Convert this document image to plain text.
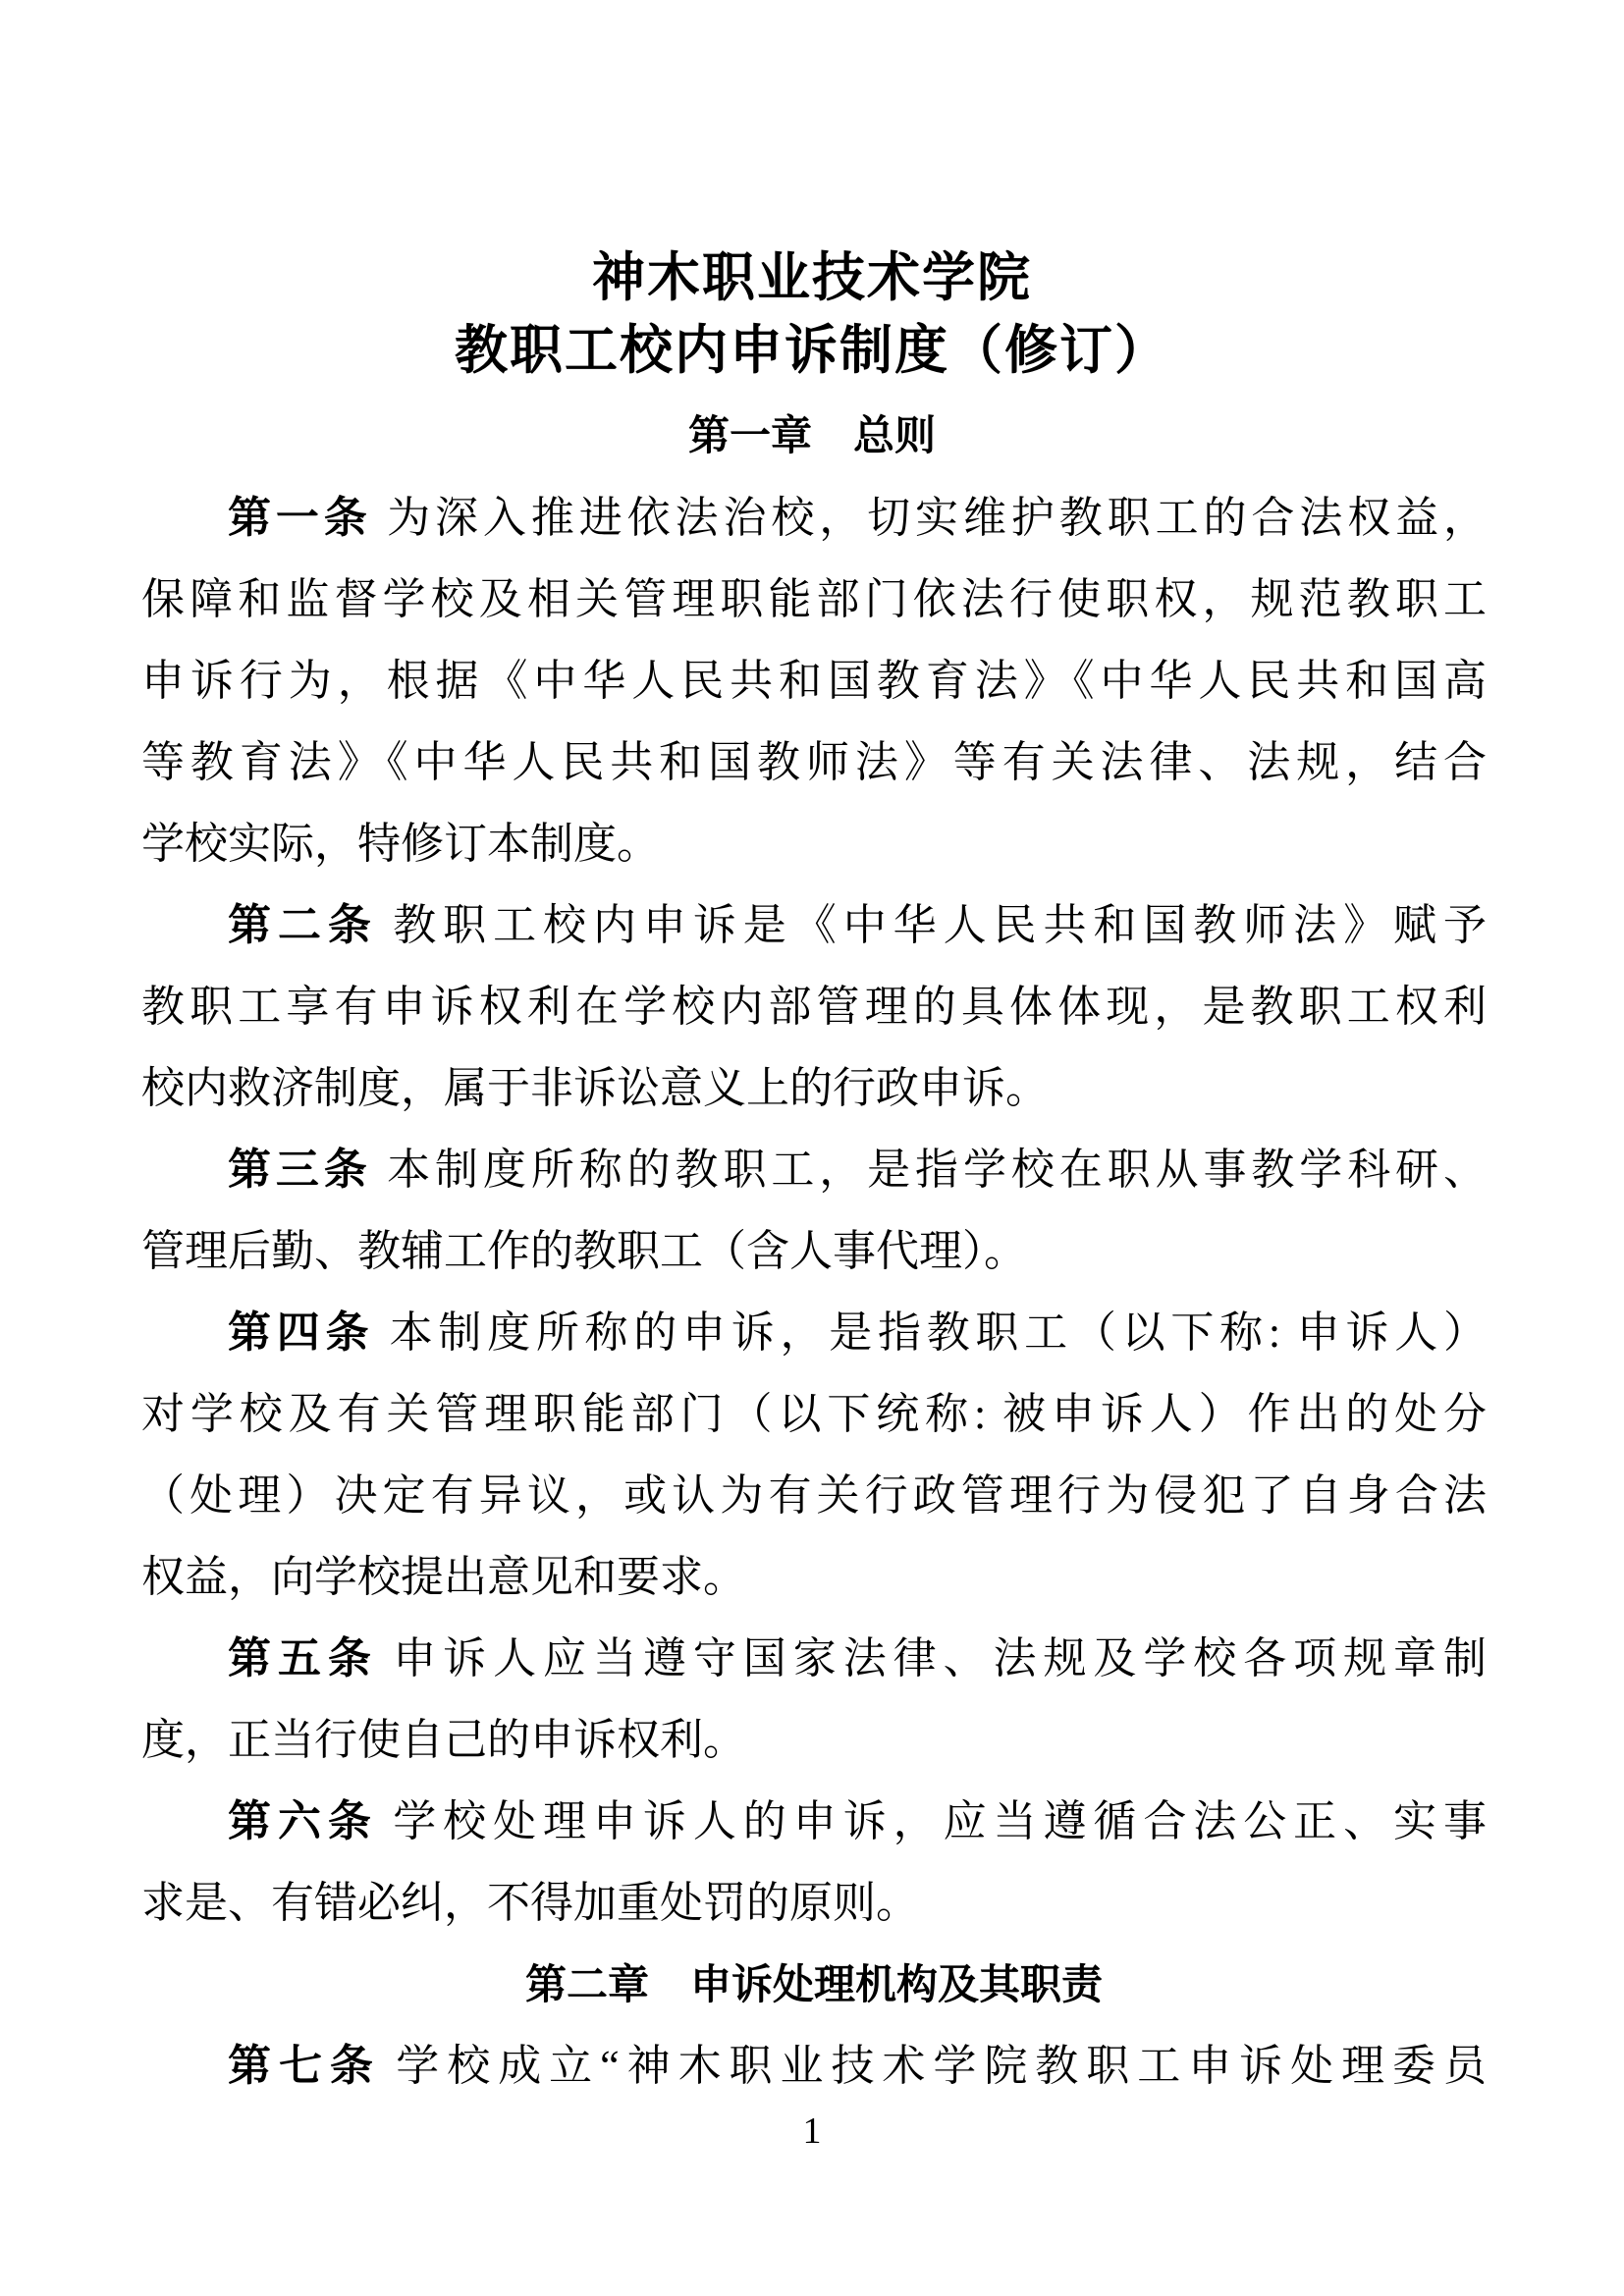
神木职业技术学院
教职工校内申诉制度（修订）
第一章　总则
第一条 为深入推进依法治校，切实维护教职工的合法权益，
保障和监督学校及相关管理职能部门依法行使职权，规范教职工
申诉行为，根据《中华人民共和国教育法》《中华人民共和国高
等教育法》《中华人民共和国教师法》等有关法律、法规，结合
学校实际，特修订本制度。
第二条 教职工校内申诉是《中华人民共和国教师法》赋予
教职工享有申诉权利在学校内部管理的具体体现，是教职工权利
校内救济制度，属于非诉讼意义上的行政申诉。
第三条 本制度所称的教职工，是指学校在职从事教学科研、
管理后勤、教辅工作的教职工（含人事代理）。
第四条 本制度所称的申诉，是指教职工（以下称: 申诉人）
对学校及有关管理职能部门（以下统称: 被申诉人）作出的处分
（处理）决定有异议，或认为有关行政管理行为侵犯了自身合法
权益，向学校提出意见和要求。
第五条 申诉人应当遵守国家法律、法规及学校各项规章制
度，正当行使自己的申诉权利。
第六条 学校处理申诉人的申诉，应当遵循合法公正、实事
求是、有错必纠，不得加重处罚的原则。
第二章　申诉处理机构及其职责
第七条 学校成立“神木职业技术学院教职工申诉处理委员
1
